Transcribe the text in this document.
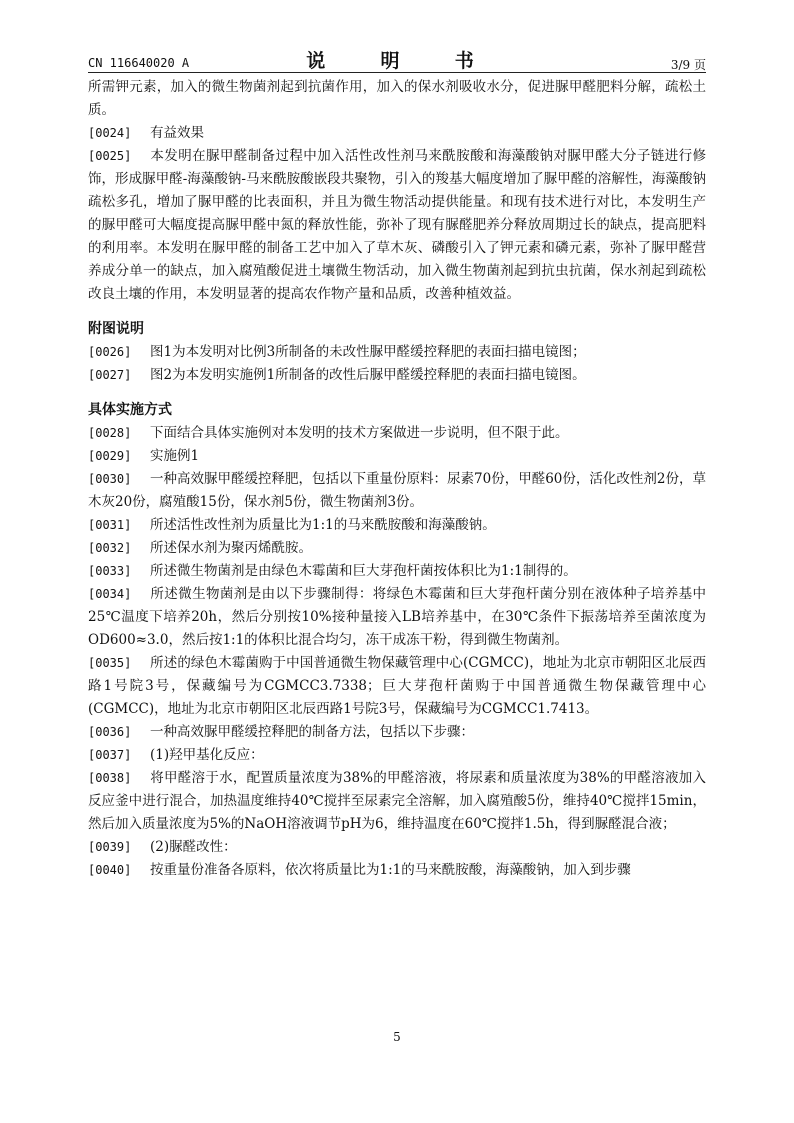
CN 116640020 A	说  明  书	3/9 页

所需钾元素，加入的微生物菌剂起到抗菌作用，加入的保水剂吸收水分，促进脲甲醛肥料分解，疏松土质。

[0024] 有益效果

[0025] 本发明在脲甲醛制备过程中加入活性改性剂马来酰胺酸和海藻酸钠对脲甲醛大分子链进行修饰，形成脲甲醛-海藻酸钠-马来酰胺酸嵌段共聚物，引入的羧基大幅度增加了脲甲醛的溶解性，海藻酸钠疏松多孔，增加了脲甲醛的比表面积，并且为微生物活动提供能量。和现有技术进行对比，本发明生产的脲甲醛可大幅度提高脲甲醛中氮的释放性能，弥补了现有脲醛肥养分释放周期过长的缺点，提高肥料的利用率。本发明在脲甲醛的制备工艺中加入了草木灰、磷酸引入了钾元素和磷元素，弥补了脲甲醛营养成分单一的缺点，加入腐殖酸促进土壤微生物活动，加入微生物菌剂起到抗虫抗菌，保水剂起到疏松改良土壤的作用，本发明显著的提高农作物产量和品质，改善种植效益。

附图说明

[0026] 图1为本发明对比例3所制备的未改性脲甲醛缓控释肥的表面扫描电镜图；

[0027] 图2为本发明实施例1所制备的改性后脲甲醛缓控释肥的表面扫描电镜图。

具体实施方式

[0028] 下面结合具体实施例对本发明的技术方案做进一步说明，但不限于此。

[0029] 实施例1

[0030] 一种高效脲甲醛缓控释肥，包括以下重量份原料：尿素70份，甲醛60份，活化改性剂2份，草木灰20份，腐殖酸15份，保水剂5份，微生物菌剂3份。

[0031] 所述活性改性剂为质量比为1:1的马来酰胺酸和海藻酸钠。

[0032] 所述保水剂为聚丙烯酰胺。

[0033] 所述微生物菌剂是由绿色木霉菌和巨大芽孢杆菌按体积比为1:1制得的。

[0034] 所述微生物菌剂是由以下步骤制得：将绿色木霉菌和巨大芽孢杆菌分别在液体种子培养基中25℃温度下培养20h，然后分别按10%接种量接入LB培养基中，在30℃条件下振荡培养至菌浓度为OD600≈3.0，然后按1:1的体积比混合均匀，冻干成冻干粉，得到微生物菌剂。

[0035] 所述的绿色木霉菌购于中国普通微生物保藏管理中心(CGMCC)，地址为北京市朝阳区北辰西路1号院3号，保藏编号为CGMCC3.7338；巨大芽孢杆菌购于中国普通微生物保藏管理中心(CGMCC)，地址为北京市朝阳区北辰西路1号院3号，保藏编号为CGMCC1.7413。

[0036] 一种高效脲甲醛缓控释肥的制备方法，包括以下步骤：

[0037] (1)羟甲基化反应：

[0038] 将甲醛溶于水，配置质量浓度为38%的甲醛溶液，将尿素和质量浓度为38%的甲醛溶液加入反应釜中进行混合，加热温度维持40℃搅拌至尿素完全溶解，加入腐殖酸5份，维持40℃搅拌15min，然后加入质量浓度为5%的NaOH溶液调节pH为6，维持温度在60℃搅拌1.5h，得到脲醛混合液；

[0039] (2)脲醛改性：

[0040] 按重量份准备各原料，依次将质量比为1:1的马来酰胺酸，海藻酸钠，加入到步骤

5
